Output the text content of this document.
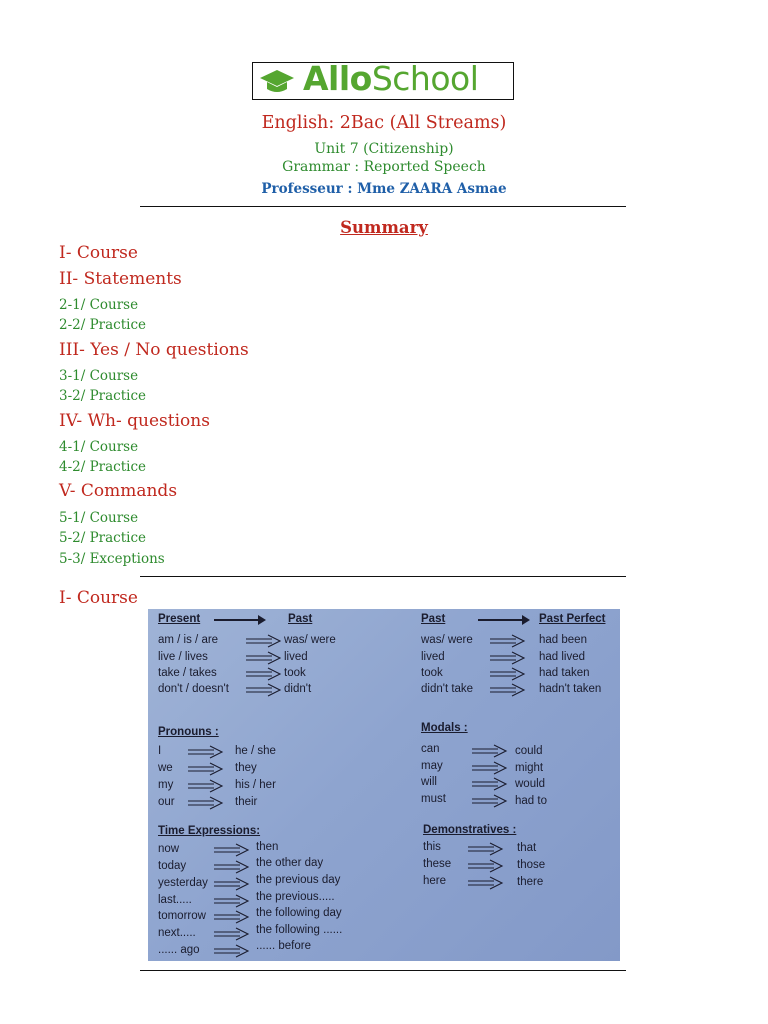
AlloSchool
English: 2Bac (All Streams)
Unit 7 (Citizenship)
Grammar : Reported Speech
Professeur : Mme ZAARA Asmae
Summary
I- Course
II- Statements
2-1/ Course
2-2/ Practice
III- Yes / No questions
3-1/ Course
3-2/ Practice
IV- Wh- questions
4-1/ Course
4-2/ Practice
V- Commands
5-1/ Course
5-2/ Practice
5-3/ Exceptions
I- Course
Present	Past
am / is / are	was/ were
live / lives	lived
take / takes	took
don't / doesn't	didn't
Past	Past Perfect
was/ were	had been
lived	had lived
took	had taken
didn't take	hadn't taken
Pronouns :
I	he / she
we	they
my	his / her
our	their
Modals :
can	could
may	might
will	would
must	had to
Time Expressions:
now	then
today	the other day
yesterday	the previous day
last.....	the previous.....
tomorrow	the following day
next.....	the following ......
...... ago	...... before
Demonstratives :
this	that
these	those
here	there
